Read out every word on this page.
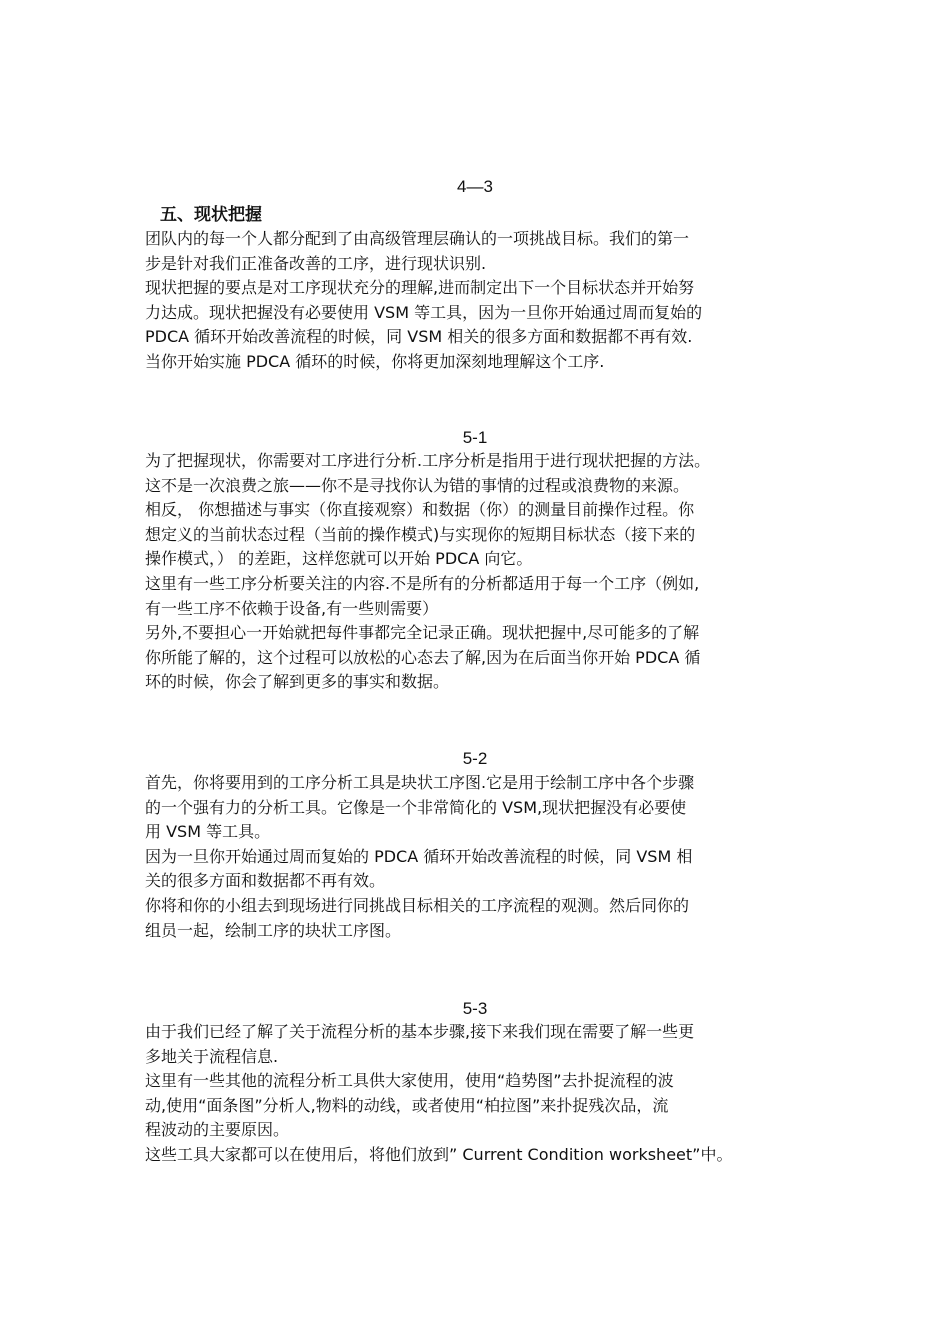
4—3
五、现状把握
团队内的每一个人都分配到了由高级管理层确认的一项挑战目标。我们的第一
步是针对我们正准备改善的工序，进行现状识别.
现状把握的要点是对工序现状充分的理解,进而制定出下一个目标状态并开始努
力达成。现状把握没有必要使用 VSM 等工具，因为一旦你开始通过周而复始的
PDCA 循环开始改善流程的时候，同 VSM 相关的很多方面和数据都不再有效.
当你开始实施 PDCA 循环的时候，你将更加深刻地理解这个工序.
5-1
为了把握现状，你需要对工序进行分析.工序分析是指用于进行现状把握的方法。
这不是一次浪费之旅——你不是寻找你认为错的事情的过程或浪费物的来源。
相反， 你想描述与事实（你直接观察）和数据（你）的测量目前操作过程。你
想定义的当前状态过程（当前的操作模式)与实现你的短期目标状态（接下来的
操作模式，） 的差距，这样您就可以开始 PDCA 向它。
这里有一些工序分析要关注的内容.不是所有的分析都适用于每一个工序（例如,
有一些工序不依赖于设备,有一些则需要）
另外,不要担心一开始就把每件事都完全记录正确。现状把握中,尽可能多的了解
你所能了解的，这个过程可以放松的心态去了解,因为在后面当你开始 PDCA 循
环的时候，你会了解到更多的事实和数据。
5-2
首先，你将要用到的工序分析工具是块状工序图.它是用于绘制工序中各个步骤
的一个强有力的分析工具。它像是一个非常简化的 VSM,现状把握没有必要使
用 VSM 等工具。
因为一旦你开始通过周而复始的 PDCA 循环开始改善流程的时候，同 VSM 相
关的很多方面和数据都不再有效。
你将和你的小组去到现场进行同挑战目标相关的工序流程的观测。然后同你的
组员一起，绘制工序的块状工序图。
5-3
由于我们已经了解了关于流程分析的基本步骤,接下来我们现在需要了解一些更
多地关于流程信息.
这里有一些其他的流程分析工具供大家使用，使用“趋势图”去扑捉流程的波
动,使用“面条图”分析人,物料的动线，或者使用“柏拉图”来扑捉残次品，流
程波动的主要原因。
这些工具大家都可以在使用后，将他们放到” Current Condition worksheet”中。
